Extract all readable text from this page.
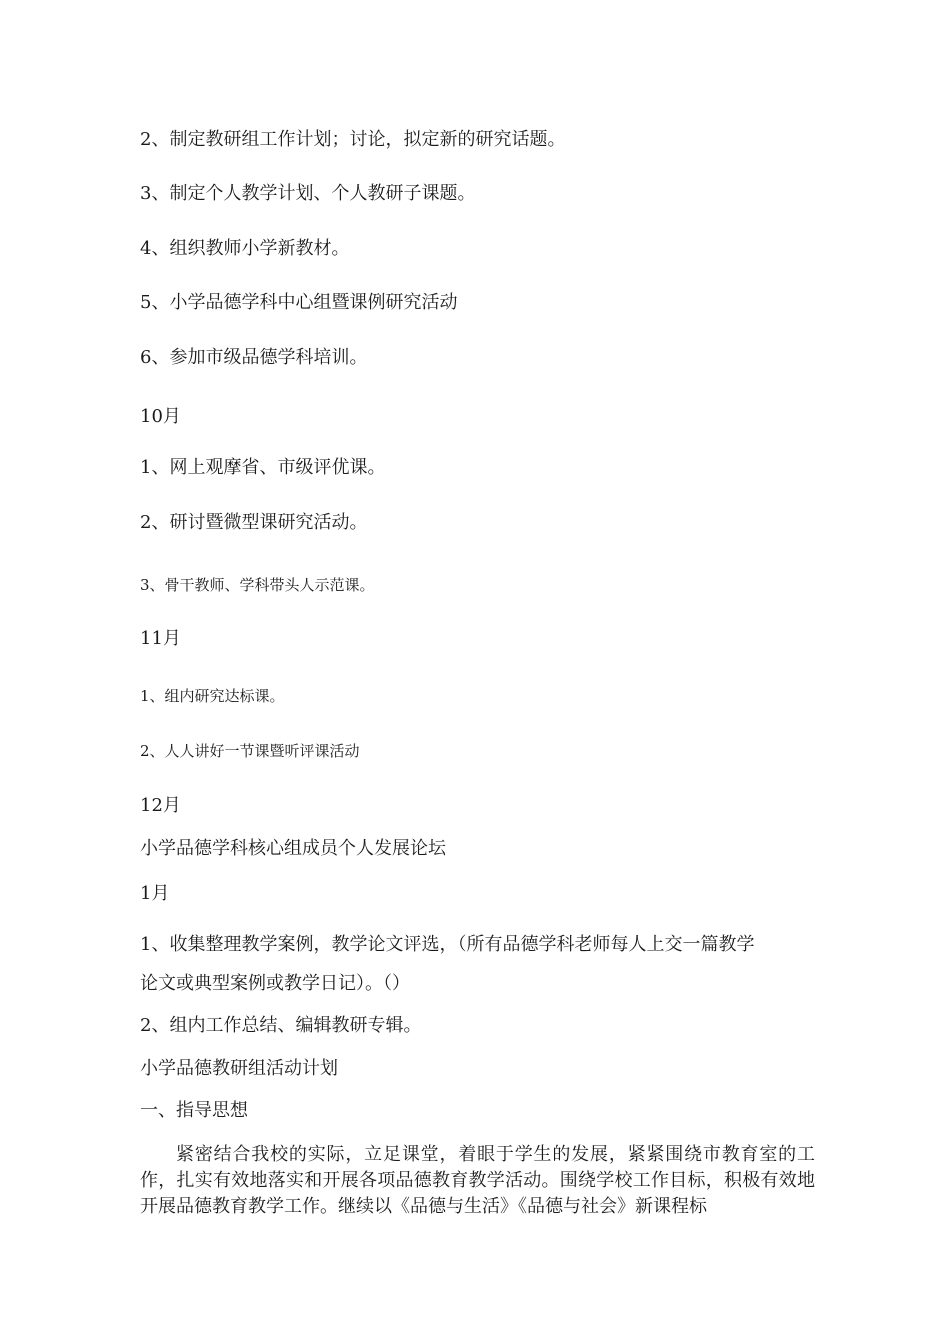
2、制定教研组工作计划；讨论，拟定新的研究话题。

3、制定个人教学计划、个人教研子课题。

4、组织教师小学新教材。

5、小学品德学科中心组暨课例研究活动

6、参加市级品德学科培训。

10月

1、网上观摩省、市级评优课。

2、研讨暨微型课研究活动。

3、骨干教师、学科带头人示范课。

11月

1、组内研究达标课。

2、人人讲好一节课暨听评课活动

12月

小学品德学科核心组成员个人发展论坛

1月

1、收集整理教学案例，教学论文评选，（所有品德学科老师每人上交一篇教学

论文或典型案例或教学日记）。（）

2、组内工作总结、编辑教研专辑。

小学品德教研组活动计划

一、指导思想

紧密结合我校的实际，立足课堂，着眼于学生的发展，紧紧围绕市教育室的工作，扎实有效地落实和开展各项品德教育教学活动。围绕学校工作目标，积极有效地开展品德教育教学工作。继续以《品德与生活》《品德与社会》新课程标
